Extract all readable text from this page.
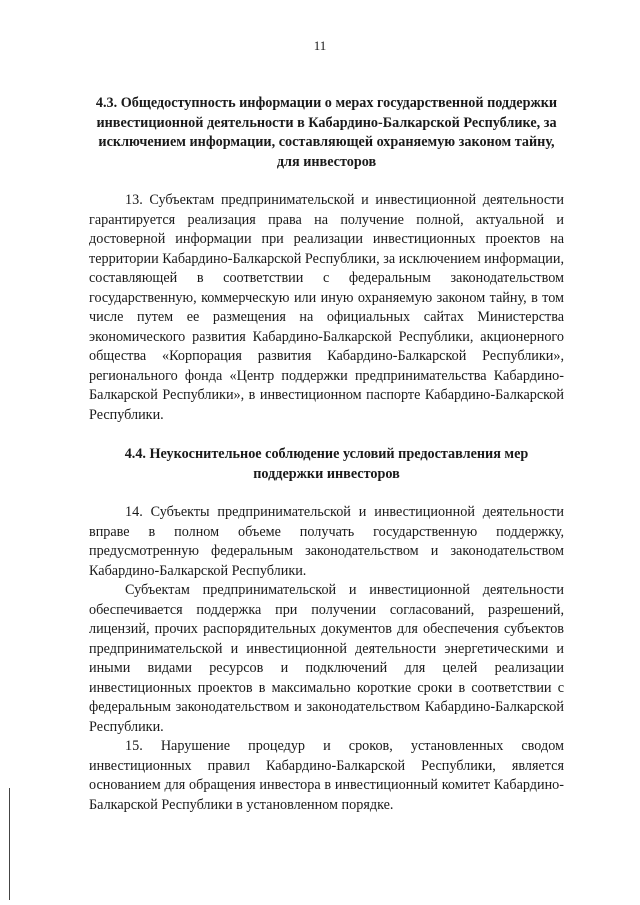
11

4.3. Общедоступность информации о мерах государственной поддержки инвестиционной деятельности в Кабардино-Балкарской Республике, за исключением информации, составляющей охраняемую законом тайну, для инвесторов

13. Субъектам предпринимательской и инвестиционной деятельности гарантируется реализация права на получение полной, актуальной и достоверной информации при реализации инвестиционных проектов на территории Кабардино-Балкарской Республики, за исключением информации, составляющей в соответствии с федеральным законодательством государственную, коммерческую или иную охраняемую законом тайну, в том числе путем ее размещения на официальных сайтах Министерства экономического развития Кабардино-Балкарской Республики, акционерного общества «Корпорация развития Кабардино-Балкарской Республики», регионального фонда «Центр поддержки предпринимательства Кабардино-Балкарской Республики», в инвестиционном паспорте Кабардино-Балкарской Республики.

4.4. Неукоснительное соблюдение условий предоставления мер поддержки инвесторов

14. Субъекты предпринимательской и инвестиционной деятельности вправе в полном объеме получать государственную поддержку, предусмотренную федеральным законодательством и законодательством Кабардино-Балкарской Республики.

Субъектам предпринимательской и инвестиционной деятельности обеспечивается поддержка при получении согласований, разрешений, лицензий, прочих распорядительных документов для обеспечения субъектов предпринимательской и инвестиционной деятельности энергетическими и иными видами ресурсов и подключений для целей реализации инвестиционных проектов в максимально короткие сроки в соответствии с федеральным законодательством и законодательством Кабардино-Балкарской Республики.

15. Нарушение процедур и сроков, установленных сводом инвестиционных правил Кабардино-Балкарской Республики, является основанием для обращения инвестора в инвестиционный комитет Кабардино-Балкарской Республики в установленном порядке.
